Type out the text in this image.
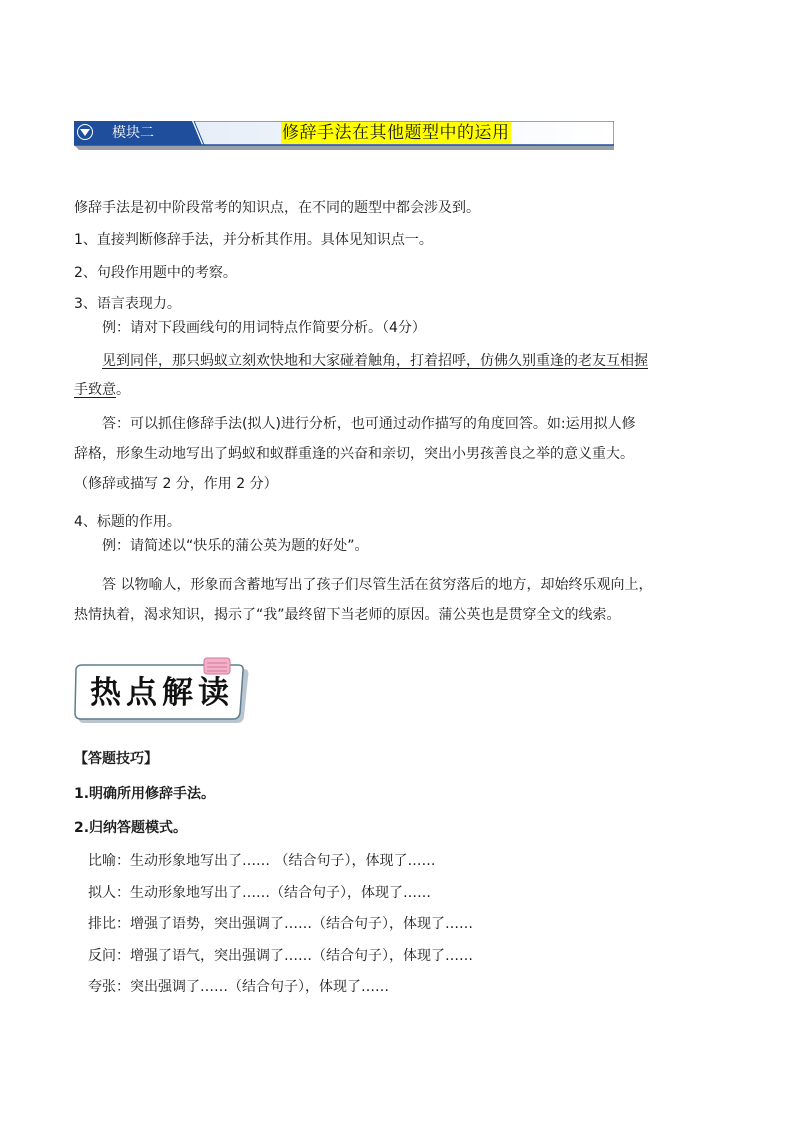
模块二	修辞手法在其他题型中的运用
修辞手法是初中阶段常考的知识点，在不同的题型中都会涉及到。
1、直接判断修辞手法，并分析其作用。具体见知识点一。
2、句段作用题中的考察。
3、语言表现力。
例：请对下段画线句的用词特点作简要分析。（4分）
见到同伴，那只蚂蚁立刻欢快地和大家碰着触角，打着招呼，仿佛久别重逢的老友互相握
手致意。
答：可以抓住修辞手法(拟人)进行分析，也可通过动作描写的角度回答。如:运用拟人修
辞格，形象生动地写出了蚂蚁和蚁群重逢的兴奋和亲切，突出小男孩善良之举的意义重大。
（修辞或描写 2 分，作用 2 分）
4、标题的作用。
例：请简述以“快乐的蒲公英为题的好处”。
答 以物喻人，形象而含蓄地写出了孩子们尽管生活在贫穷落后的地方，却始终乐观向上，
热情执着，渴求知识，揭示了“我”最终留下当老师的原因。蒲公英也是贯穿全文的线索。
热点解读
【答题技巧】
1.明确所用修辞手法。
2.归纳答题模式。
比喻：生动形象地写出了…… （结合句子），体现了……
拟人：生动形象地写出了……（结合句子），体现了……
排比：增强了语势，突出强调了……（结合句子），体现了……
反问：增强了语气，突出强调了……（结合句子），体现了……
夸张：突出强调了……（结合句子），体现了……
